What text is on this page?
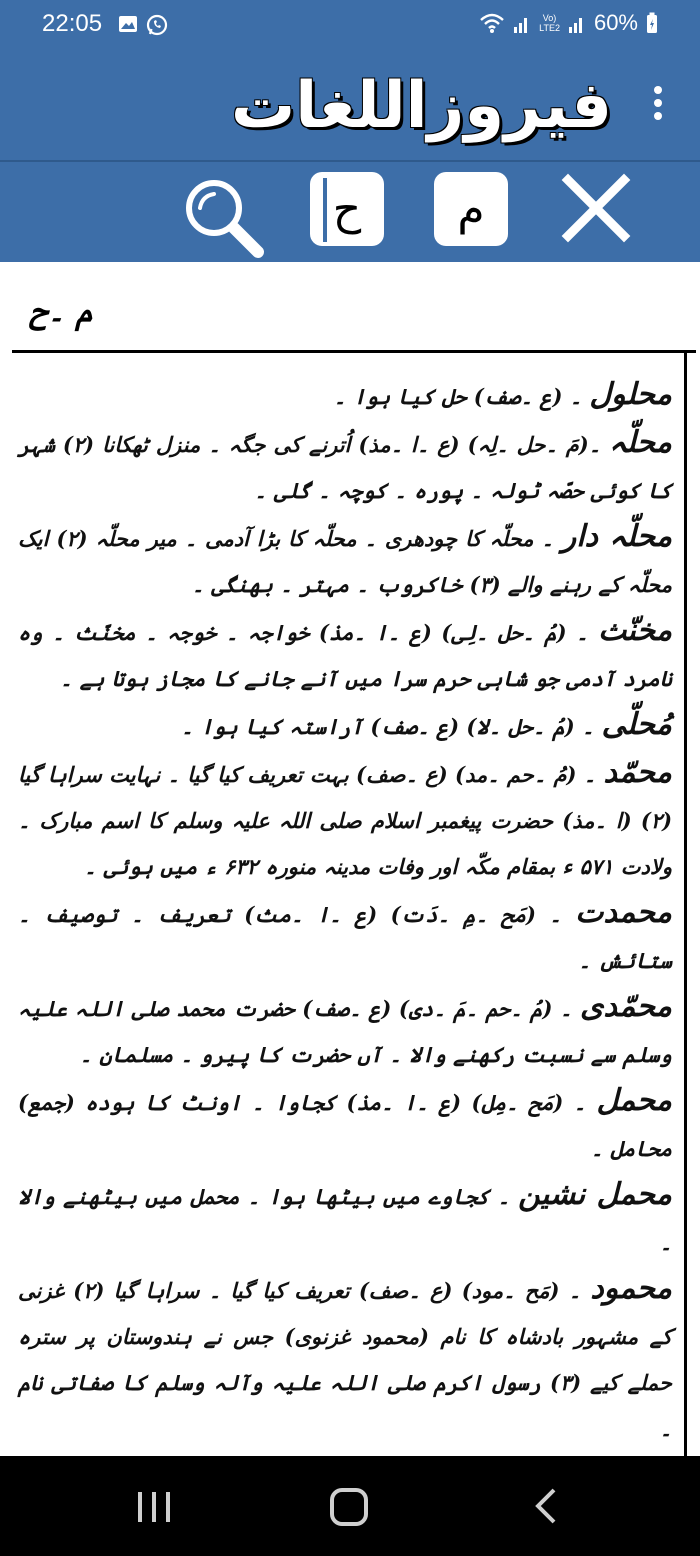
22:05	Vo)
LTE2 60%
فیروزاللغات
ح م
م ۔ح

محلول ۔ (ع ۔صف) حل کیا ہوا ۔

محلّہ ۔(مَ ۔حل ۔لِہ) (ع ۔ا ۔مذ) اُترنے کی جگہ ۔ منزل ٹھکانا (۲) شہر کا کوئی حصّہ ٹولہ ۔ پورہ ۔ کوچہ ۔ گلی ۔

محلّہ دار ۔ محلّہ کا چودھری ۔ محلّہ کا بڑا آدمی ۔ میر محلّہ (۲) ایک محلّہ کے رہنے والے (۳) خاکروب ۔ مہتر ۔ بھنگی ۔

مخنّث ۔ (مُ ۔حل ۔لِی) (ع ۔ا ۔مذ) خواجہ ۔ خوجہ ۔ مخنّث ۔ وہ نامرد آدمی جو شاہی حرم سرا میں آنے جانے کا مجاز ہوتا ہے ۔

مُحلّی ۔ (مُ ۔حل ۔لا) (ع ۔صف) آراستہ کیا ہوا ۔

محمّد ۔ (مُ ۔حم ۔مد) (ع ۔صف) بہت تعریف کیا گیا ۔ نہایت سراہا گیا (۲) (ا ۔مذ) حضرت پیغمبر اسلام صلی اللہ علیہ وسلم کا اسم مبارک ۔ ولادت ۵۷۱ ء بمقام مکّہ اور وفات مدینہ منورہ ۶۳۲ ء میں ہوئی ۔

محمدت ۔ (مَح ۔مِ ۔دَت) (ع ۔ا ۔مث) تعریف ۔ توصیف ۔ ستائش ۔

محمّدی ۔ (مُ ۔حم ۔مَ ۔دی) (ع ۔صف) حضرت محمد صلی اللہ علیہ وسلم سے نسبت رکھنے والا ۔ آں حضرت کا پیرو ۔ مسلمان ۔

محمل ۔ (مَح ۔مِل) (ع ۔ا ۔مذ) کجاوا ۔ اونٹ کا ہودہ (جمع) محامل ۔

محمل نشین ۔ کجاوے میں بیٹھا ہوا ۔ محمل میں بیٹھنے والا ۔

محمود ۔ (مَح ۔مود) (ع ۔صف) تعریف کیا گیا ۔ سراہا گیا (۲) غزنی کے مشہور بادشاہ کا نام (محمود غزنوی) جس نے ہندوستان پر سترہ حملے کیے (۳) رسول اکرم صلی اللہ علیہ وآلہ وسلم کا صفاتی نام ۔
